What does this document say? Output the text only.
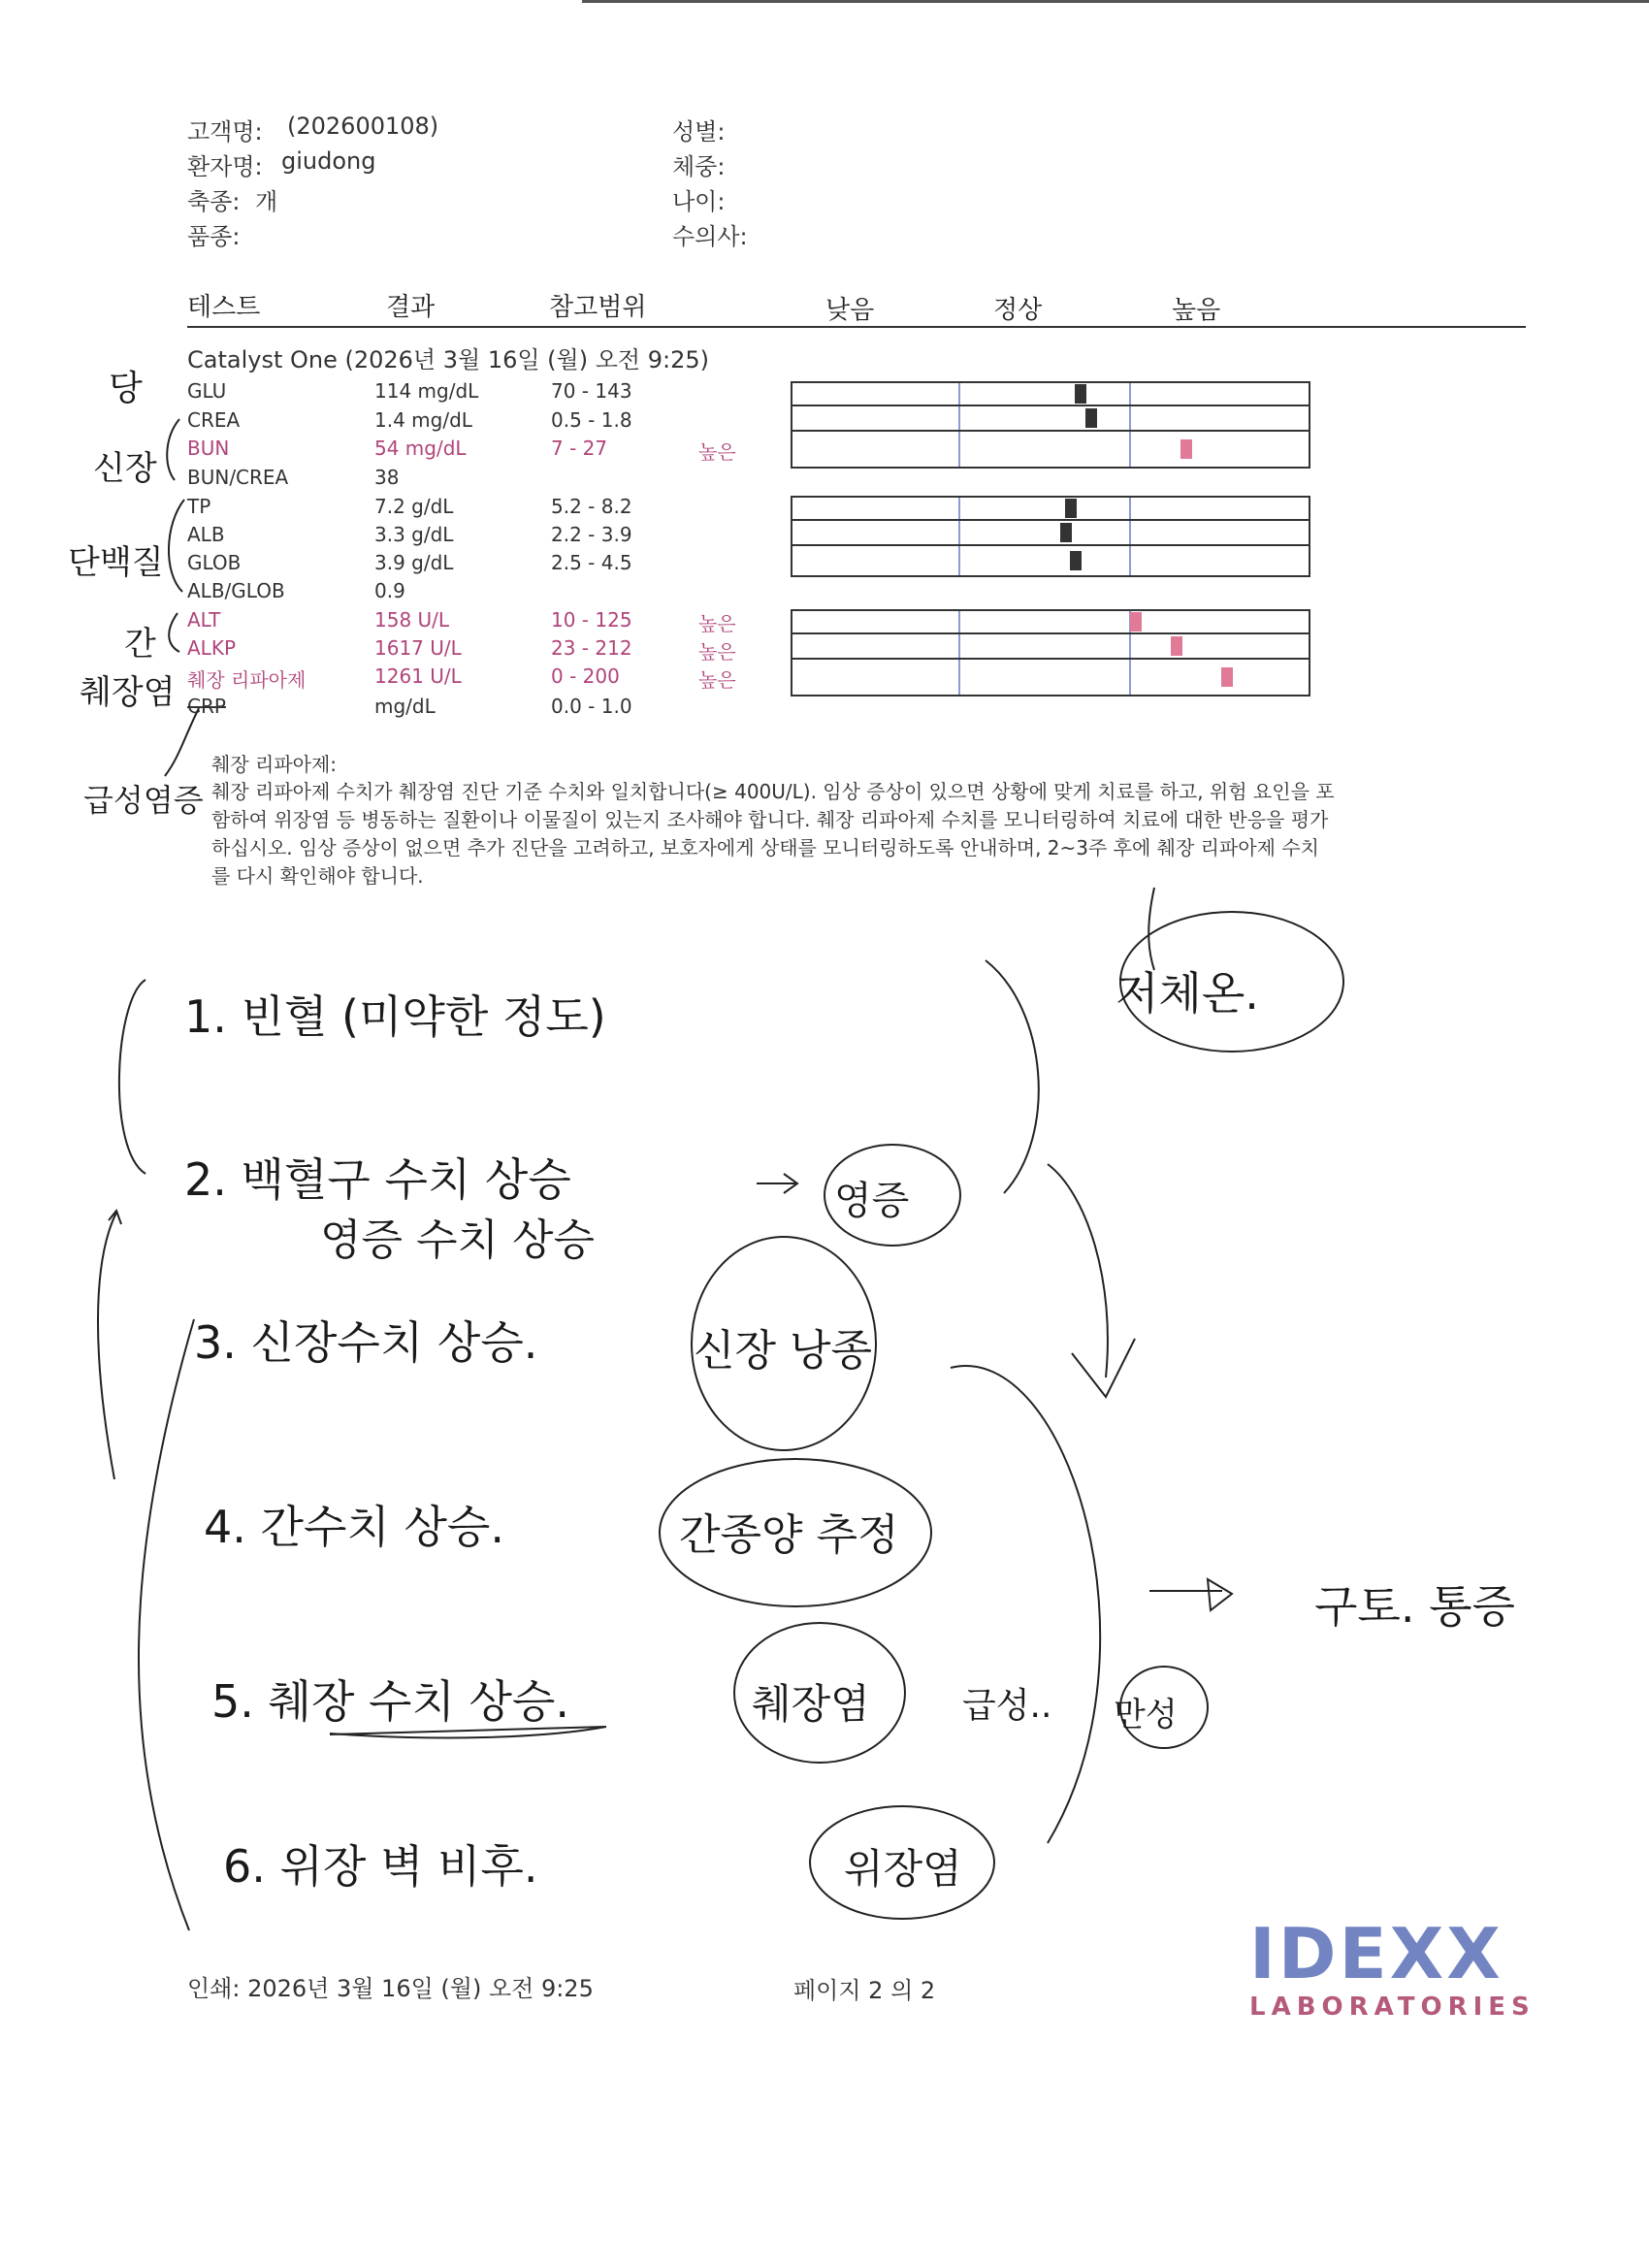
고객명: (202600108)
환자명: giudong
축종: 개
품종:
성별:
체중:
나이:
수의사:
테스트	결과	참고범위	낮음	정상	높음
Catalyst One (2026년 3월 16일 (월) 오전 9:25)
GLU	114 mg/dL	70 - 143
CREA	1.4 mg/dL	0.5 - 1.8
BUN	54 mg/dL	7 - 27	높은
BUN/CREA	38
TP	7.2 g/dL	5.2 - 8.2
ALB	3.3 g/dL	2.2 - 3.9
GLOB	3.9 g/dL	2.5 - 4.5
ALB/GLOB	0.9
ALT	158 U/L	10 - 125	높은
ALKP	1617 U/L	23 - 212	높은
췌장 리파아제	1261 U/L	0 - 200	높은
CRP	mg/dL	0.0 - 1.0
췌장 리파아제:
췌장 리파아제 수치가 췌장염 진단 기준 수치와 일치합니다(≥ 400U/L). 임상 증상이 있으면 상황에 맞게 치료를 하고, 위험 요인을 포함하여 위장염 등 병동하는 질환이나 이물질이 있는지 조사해야 합니다. 췌장 리파아제 수치를 모니터링하여 치료에 대한 반응을 평가하십시오. 임상 증상이 없으면 추가 진단을 고려하고, 보호자에게 상태를 모니터링하도록 안내하며, 2~3주 후에 췌장 리파아제 수치를 다시 확인해야 합니다.
당
신장
단백질
간
췌장염
급성염증
1. 빈혈 (미약한 정도)
2. 백혈구 수치 상승
영증 수치 상승
3. 신장수치 상승.	신장 낭종
4. 간수치 상승.	간종양 추정
5. 췌장 수치 상승.	췌장염	급성.. 만성
6. 위장 벽 비후.	위장염
영증
저체온.
구토. 통증
인쇄: 2026년 3월 16일 (월) 오전 9:25	페이지 2 의 2	IDEXX
LABORATORIES
